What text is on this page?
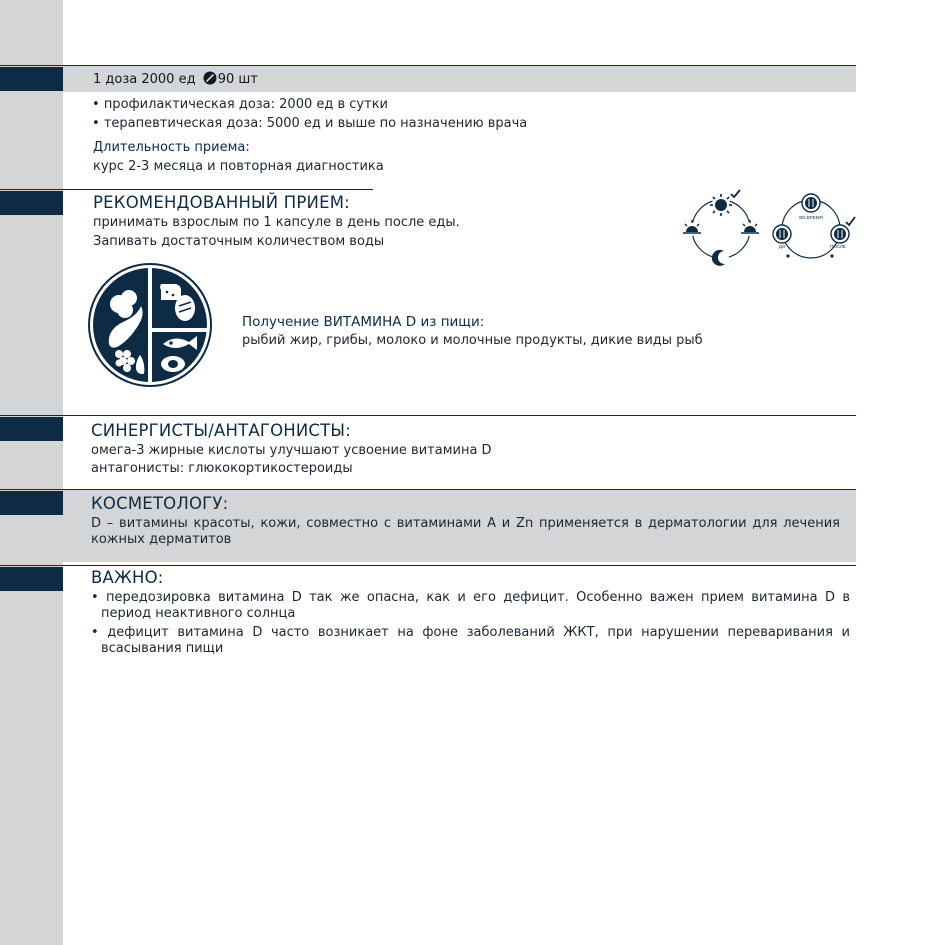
1 доза 2000 ед 90 шт
• профилактическая доза: 2000 ед в сутки
• терапевтическая доза: 5000 ед и выше по назначению врача
Длительность приема:
курс 2-3 месяца и повторная диагностика
РЕКОМЕНДОВАННЫЙ ПРИЕМ:
принимать взрослым по 1 капсуле в день после еды.
Запивать достаточным количеством воды
ВО ВРЕМЯ
ДО	ПОСЛЕ
Получение ВИТАМИНА D из пищи:
рыбий жир, грибы, молоко и молочные продукты, дикие виды рыб
СИНЕРГИСТЫ/АНТАГОНИСТЫ:
омега-3 жирные кислоты улучшают усвоение витамина D
антагонисты: глюкокортикостероиды
КОСМЕТОЛОГУ:
D – витамины красоты, кожи, совместно с витаминами А и Zn применяется в дерматологии для лечения кожных дерматитов
ВАЖНО:
• передозировка витамина D так же опасна, как и его дефицит. Особенно важен прием витамина D в период неактивного солнца
• дефицит витамина D часто возникает на фоне заболеваний ЖКТ, при нарушении переваривания и всасывания пищи
